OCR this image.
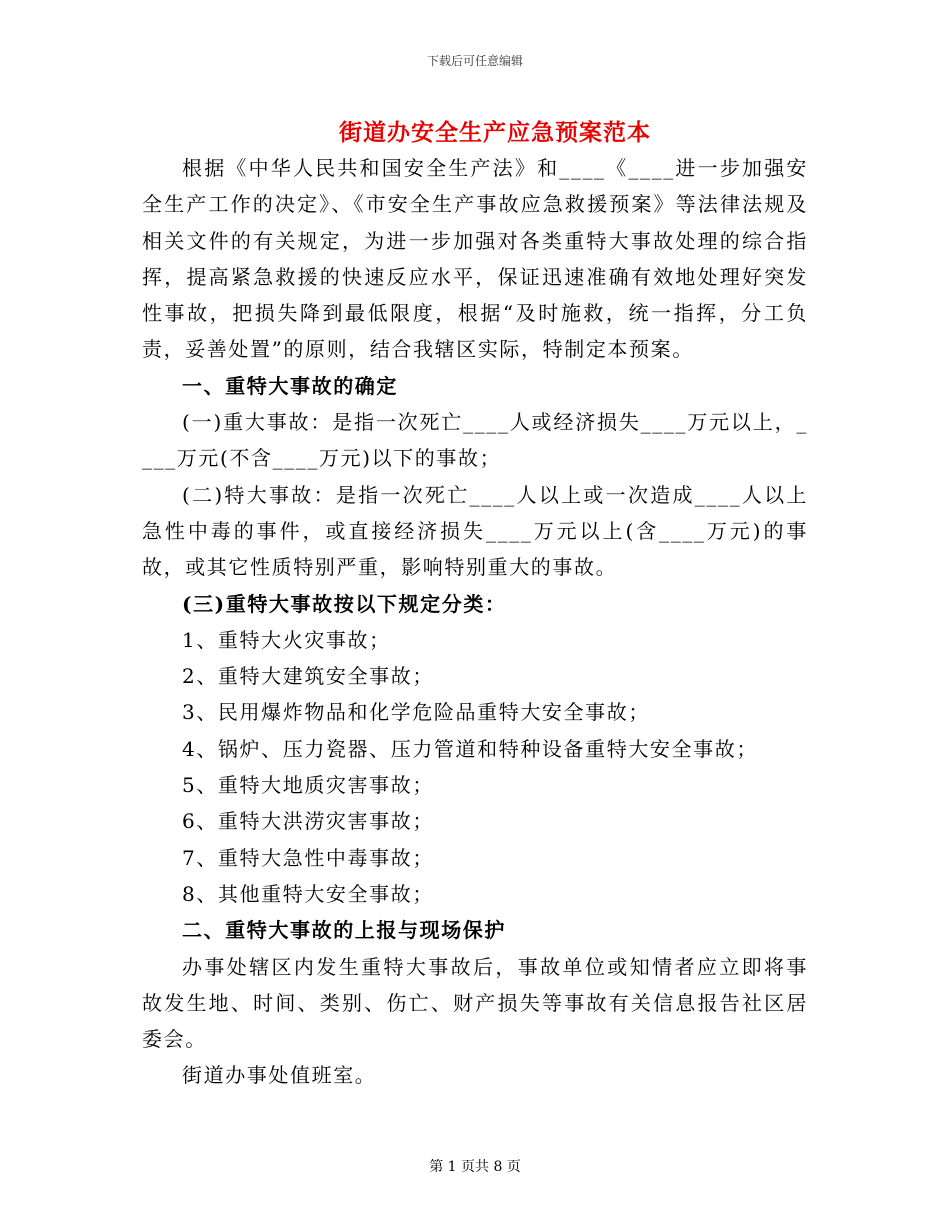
下载后可任意编辑
街道办安全生产应急预案范本

根据《中华人民共和国安全生产法》和____《____进一步加强安全生产工作的决定》、《市安全生产事故应急救援预案》等法律法规及相关文件的有关规定，为进一步加强对各类重特大事故处理的综合指挥，提高紧急救援的快速反应水平，保证迅速准确有效地处理好突发性事故，把损失降到最低限度，根据“及时施救，统一指挥，分工负责，妥善处置”的原则，结合我辖区实际，特制定本预案。

一、重特大事故的确定

(一)重大事故：是指一次死亡____人或经济损失____万元以上，____万元(不含____万元)以下的事故；

(二)特大事故：是指一次死亡____人以上或一次造成____人以上急性中毒的事件，或直接经济损失____万元以上(含____万元)的事故，或其它性质特别严重，影响特别重大的事故。

(三)重特大事故按以下规定分类：

1、重特大火灾事故；

2、重特大建筑安全事故；

3、民用爆炸物品和化学危险品重特大安全事故；

4、锅炉、压力瓷器、压力管道和特种设备重特大安全事故；

5、重特大地质灾害事故；

6、重特大洪涝灾害事故；

7、重特大急性中毒事故；

8、其他重特大安全事故；

二、重特大事故的上报与现场保护

办事处辖区内发生重特大事故后，事故单位或知情者应立即将事故发生地、时间、类别、伤亡、财产损失等事故有关信息报告社区居委会。

街道办事处值班室。

第 1 页共 8 页
